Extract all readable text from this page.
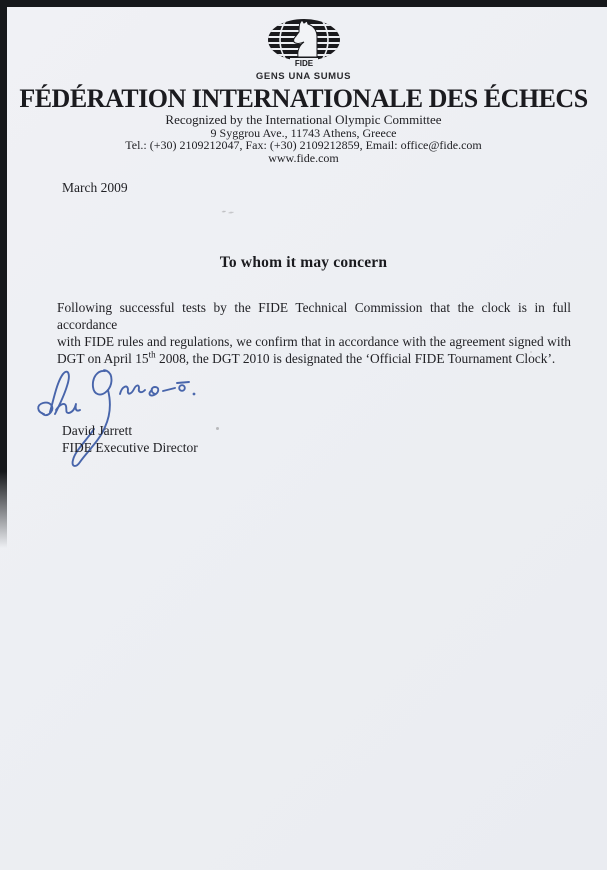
FIDE
GENS UNA SUMUS
FÉDÉRATION INTERNATIONALE DES ÉCHECS
Recognized by the International Olympic Committee
9 Syggrou Ave., 11743 Athens, Greece
Tel.: (+30) 2109212047, Fax: (+30) 2109212859, Email: office@fide.com
www.fide.com
March 2009
To whom it may concern
Following successful tests by the FIDE Technical Commission that the clock is in full accordance
with FIDE rules and regulations, we confirm that in accordance with the agreement signed with
DGT on April 15th 2008, the DGT 2010 is designated the ‘Official FIDE Tournament Clock’.
David Jarrett
FIDE Executive Director
